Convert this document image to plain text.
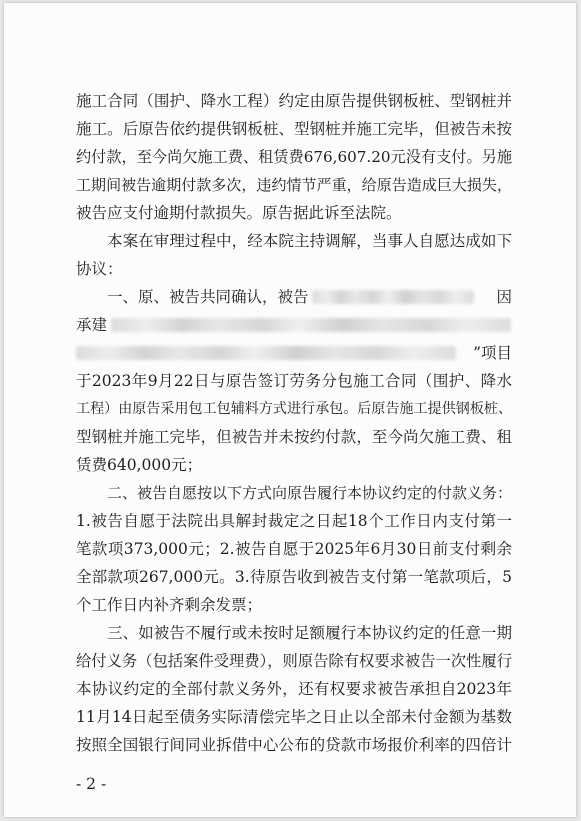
施工合同（围护、降水工程）约定由原告提供钢板桩、型钢桩并
施工。后原告依约提供钢板桩、型钢桩并施工完毕，但被告未按
约付款，至今尚欠施工费、租赁费676,607.20元没有支付。另施
工期间被告逾期付款多次，违约情节严重，给原告造成巨大损失，
被告应支付逾期付款损失。原告据此诉至法院。
本案在审理过程中，经本院主持调解，当事人自愿达成如下
协议：
一、原、被告共同确认，被告	因
承建
”项目
于2023年9月22日与原告签订劳务分包施工合同（围护、降水
工程）由原告采用包工包辅料方式进行承包。后原告施工提供钢板桩、
型钢桩并施工完毕，但被告并未按约付款，至今尚欠施工费、租
赁费640,000元；
二、被告自愿按以下方式向原告履行本协议约定的付款义务：
1.被告自愿于法院出具解封裁定之日起18个工作日内支付第一
笔款项373,000元；2.被告自愿于2025年6月30日前支付剩余
全部款项267,000元。3.待原告收到被告支付第一笔款项后，5
个工作日内补齐剩余发票；
三、如被告不履行或未按时足额履行本协议约定的任意一期
给付义务（包括案件受理费），则原告除有权要求被告一次性履行
本协议约定的全部付款义务外，还有权要求被告承担自2023年
11月14日起至债务实际清偿完毕之日止以全部未付金额为基数
按照全国银行间同业拆借中心公布的贷款市场报价利率的四倍计
- 2 -
